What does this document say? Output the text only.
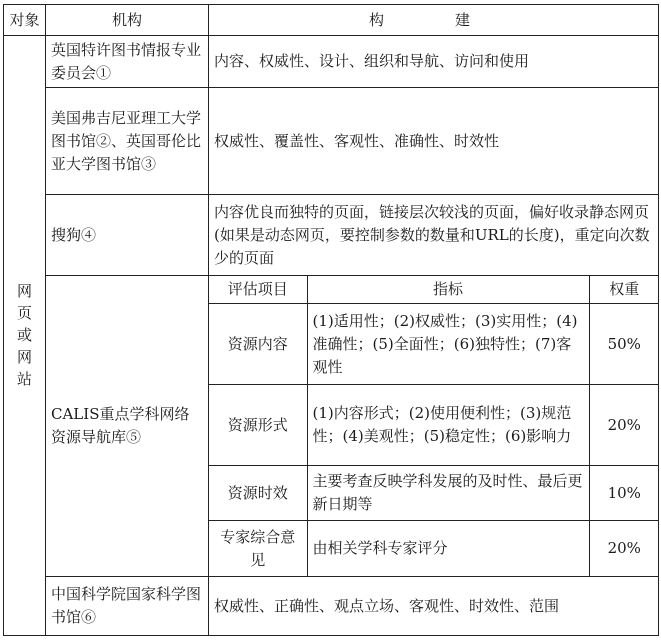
对象	机构	构　建
网页或网站	英国特许图书情报专业委员会①	内容、权威性、设计、组织和导航、访问和使用
美国弗吉尼亚理工大学图书馆②、英国哥伦比亚大学图书馆③	权威性、覆盖性、客观性、准确性、时效性
搜狗④	内容优良而独特的页面，链接层次较浅的页面，偏好收录静态网页(如果是动态网页，要控制参数的数量和URL的长度)，重定向次数少的页面
CALIS重点学科网络资源导航库⑤	
评估项目	指标	权重
资源内容	(1)适用性；(2)权威性；(3)实用性；(4)准确性；(5)全面性；(6)独特性；(7)客观性	50%
资源形式	(1)内容形式；(2)使用便利性；(3)规范性；(4)美观性；(5)稳定性；(6)影响力	20%
资源时效	主要考查反映学科发展的及时性、最后更新日期等	10%
专家综合意见	由相关学科专家评分	20%

中国科学院国家科学图书馆⑥	权威性、正确性、观点立场、客观性、时效性、范围
